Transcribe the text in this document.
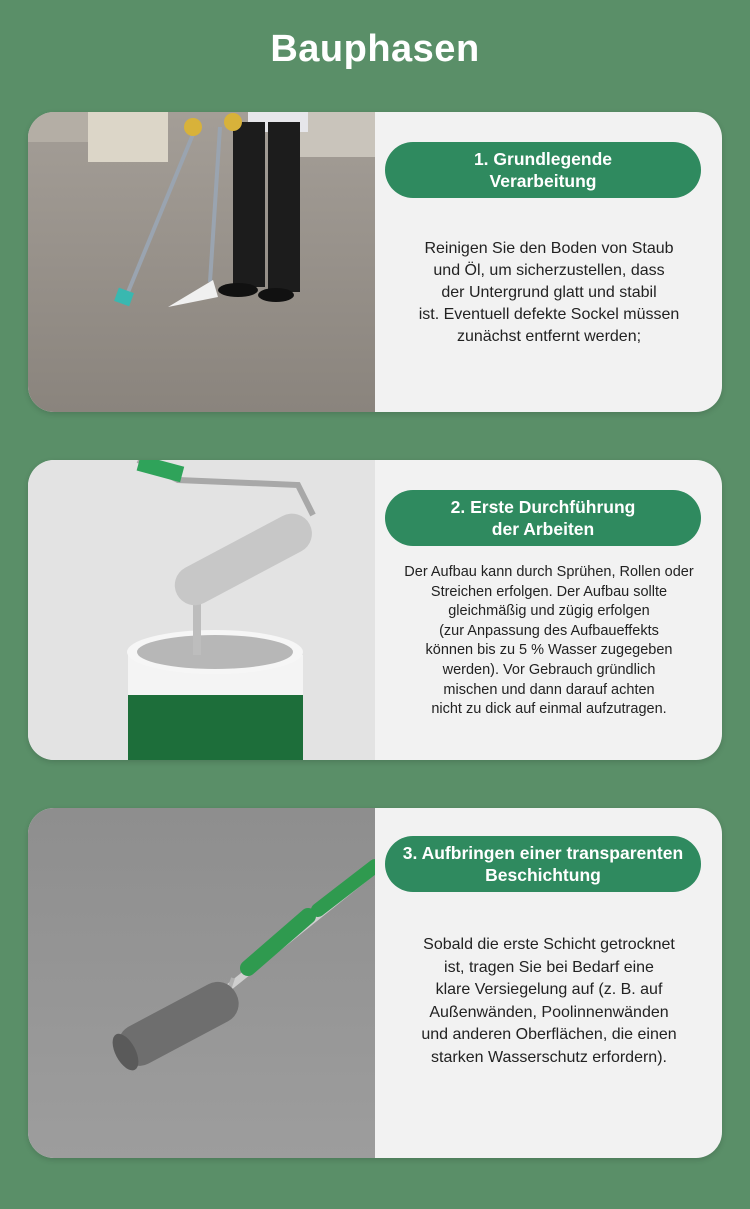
Bauphasen
1. Grundlegende
Verarbeitung
Reinigen Sie den Boden von Staub
und Öl, um sicherzustellen, dass
der Untergrund glatt und stabil
ist. Eventuell defekte Sockel müssen
zunächst entfernt werden;
2. Erste Durchführung
der Arbeiten
Der Aufbau kann durch Sprühen, Rollen oder
Streichen erfolgen. Der Aufbau sollte
gleichmäßig und zügig erfolgen
(zur Anpassung des Aufbaueffekts
können bis zu 5 % Wasser zugegeben
werden). Vor Gebrauch gründlich
mischen und dann darauf achten
nicht zu dick auf einmal aufzutragen.
3. Aufbringen einer transparenten
Beschichtung
Sobald die erste Schicht getrocknet
ist, tragen Sie bei Bedarf eine
klare Versiegelung auf (z. B. auf
Außenwänden, Poolinnenwänden
und anderen Oberflächen, die einen
starken Wasserschutz erfordern).
